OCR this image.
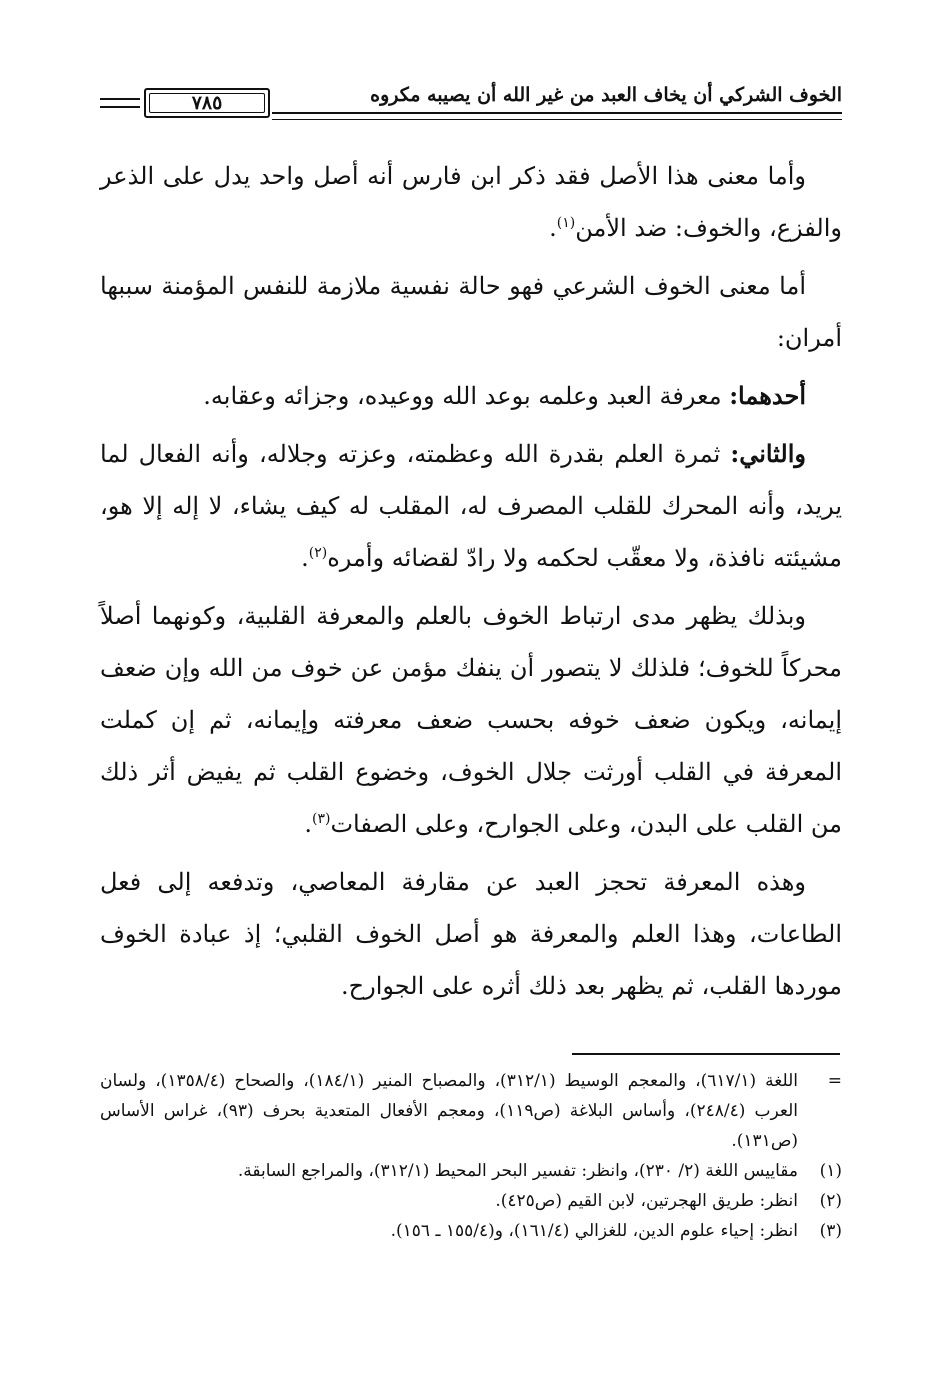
٧٨٥	الخوف الشركي أن يخاف العبد من غير الله أن يصيبه مكروه

وأما معنى هذا الأصل فقد ذكر ابن فارس أنه أصل واحد يدل على الذعر والفزع، والخوف: ضد الأمن$^{(١)}$.

أما معنى الخوف الشرعي فهو حالة نفسية ملازمة للنفس المؤمنة سببها أمران:

أحدهما: معرفة العبد وعلمه بوعد الله ووعيده، وجزائه وعقابه.

والثاني: ثمرة العلم بقدرة الله وعظمته، وعزته وجلاله، وأنه الفعال لما يريد، وأنه المحرك للقلب المصرف له، المقلب له كيف يشاء، لا إله إلا هو، مشيئته نافذة، ولا معقّب لحكمه ولا رادّ لقضائه وأمره$^{(٢)}$.

وبذلك يظهر مدى ارتباط الخوف بالعلم والمعرفة القلبية، وكونهما أصلاً محركاً للخوف؛ فلذلك لا يتصور أن ينفك مؤمن عن خوف من الله وإن ضعف إيمانه، ويكون ضعف خوفه بحسب ضعف معرفته وإيمانه، ثم إن كملت المعرفة في القلب أورثت جلال الخوف، وخضوع القلب ثم يفيض أثر ذلك من القلب على البدن، وعلى الجوارح، وعلى الصفات$^{(٣)}$.

وهذه المعرفة تحجز العبد عن مقارفة المعاصي، وتدفعه إلى فعل الطاعات، وهذا العلم والمعرفة هو أصل الخوف القلبي؛ إذ عبادة الخوف موردها القلب، ثم يظهر بعد ذلك أثره على الجوارح.

=
اللغة (٦١٧/١)، والمعجم الوسيط (٣١٢/١)، والمصباح المنير (١٨٤/١)، والصحاح (١٣٥٨/٤)، ولسان العرب (٢٤٨/٤)، وأساس البلاغة (ص١١٩)، ومعجم الأفعال المتعدية بحرف (٩٣)، غراس الأساس (ص١٣١).
(١)
مقاييس اللغة (٢/ ٢٣٠)، وانظر: تفسير البحر المحيط (٣١٢/١)، والمراجع السابقة.
(٢)
انظر: طريق الهجرتين، لابن القيم (ص٤٢٥).
(٣)
انظر: إحياء علوم الدين، للغزالي (١٦١/٤)، و(١٥٥/٤ ـ ١٥٦).
